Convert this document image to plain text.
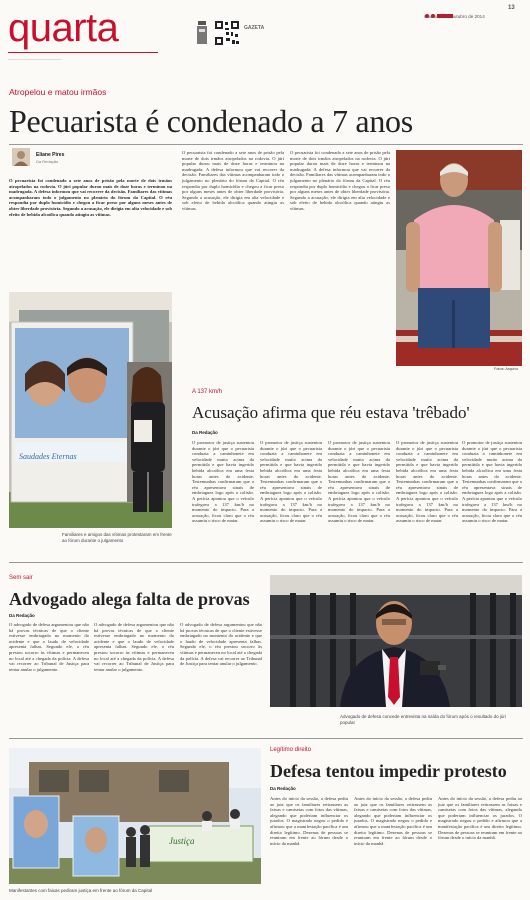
quarta
________________________
GAZETA
13
Cuiabá, 8 de outubro de 2014
Atropelou e matou irmãos
Pecuarista é condenado a 7 anos
Eliane Pires
Da Redação
O pecuarista foi condenado a sete anos de prisão pela morte de dois irmãos atropelados na rodovia. O júri popular durou mais de doze horas e terminou na madrugada. A defesa informou que vai recorrer da decisão. Familiares das vítimas acompanharam todo o julgamento no plenário do fórum da Capital. O réu respondia por duplo homicídio e chegou a ficar preso por alguns meses antes de obter liberdade provisória. Segundo a acusação, ele dirigia em alta velocidade e sob efeito de bebida alcoólica quando atingiu as vítimas.
O pecuarista foi condenado a sete anos de prisão pela morte de dois irmãos atropelados na rodovia. O júri popular durou mais de doze horas e terminou na madrugada. A defesa informou que vai recorrer da decisão. Familiares das vítimas acompanharam todo o julgamento no plenário do fórum da Capital. O réu respondia por duplo homicídio e chegou a ficar preso por alguns meses antes de obter liberdade provisória. Segundo a acusação, ele dirigia em alta velocidade e sob efeito de bebida alcoólica quando atingiu as vítimas.
O pecuarista foi condenado a sete anos de prisão pela morte de dois irmãos atropelados na rodovia. O júri popular durou mais de doze horas e terminou na madrugada. A defesa informou que vai recorrer da decisão. Familiares das vítimas acompanharam todo o julgamento no plenário do fórum da Capital. O réu respondia por duplo homicídio e chegou a ficar preso por alguns meses antes de obter liberdade provisória. Segundo a acusação, ele dirigia em alta velocidade e sob efeito de bebida alcoólica quando atingiu as vítimas.
Fotos: Arquivo
Saudades Eternas
Familiares e amigos das vítimas protestaram em frente ao fórum durante o julgamento
A 137 km/h
Acusação afirma que réu estava 'trêbado'
Da Redação
O promotor de justiça sustentou durante o júri que o pecuarista conduzia a caminhonete em velocidade muito acima da permitida e que havia ingerido bebida alcoólica em uma festa horas antes do acidente. Testemunhas confirmaram que o réu apresentava sinais de embriaguez logo após a colisão. A perícia apontou que o veículo trafegava a 137 km/h no momento do impacto. Para a acusação, ficou claro que o réu assumiu o risco de matar.
O promotor de justiça sustentou durante o júri que o pecuarista conduzia a caminhonete em velocidade muito acima da permitida e que havia ingerido bebida alcoólica em uma festa horas antes do acidente. Testemunhas confirmaram que o réu apresentava sinais de embriaguez logo após a colisão. A perícia apontou que o veículo trafegava a 137 km/h no momento do impacto. Para a acusação, ficou claro que o réu assumiu o risco de matar.
O promotor de justiça sustentou durante o júri que o pecuarista conduzia a caminhonete em velocidade muito acima da permitida e que havia ingerido bebida alcoólica em uma festa horas antes do acidente. Testemunhas confirmaram que o réu apresentava sinais de embriaguez logo após a colisão. A perícia apontou que o veículo trafegava a 137 km/h no momento do impacto. Para a acusação, ficou claro que o réu assumiu o risco de matar.
O promotor de justiça sustentou durante o júri que o pecuarista conduzia a caminhonete em velocidade muito acima da permitida e que havia ingerido bebida alcoólica em uma festa horas antes do acidente. Testemunhas confirmaram que o réu apresentava sinais de embriaguez logo após a colisão. A perícia apontou que o veículo trafegava a 137 km/h no momento do impacto. Para a acusação, ficou claro que o réu assumiu o risco de matar.
O promotor de justiça sustentou durante o júri que o pecuarista conduzia a caminhonete em velocidade muito acima da permitida e que havia ingerido bebida alcoólica em uma festa horas antes do acidente. Testemunhas confirmaram que o réu apresentava sinais de embriaguez logo após a colisão. A perícia apontou que o veículo trafegava a 137 km/h no momento do impacto. Para a acusação, ficou claro que o réu assumiu o risco de matar.
Sem sair
Advogado alega falta de provas
Da Redação
O advogado de defesa argumentou que não há provas técnicas de que o cliente estivesse embriagado no momento do acidente e que o laudo de velocidade apresenta falhas. Segundo ele, o réu prestou socorro às vítimas e permaneceu no local até a chegada da polícia. A defesa vai recorrer ao Tribunal de Justiça para tentar anular o julgamento.
O advogado de defesa argumentou que não há provas técnicas de que o cliente estivesse embriagado no momento do acidente e que o laudo de velocidade apresenta falhas. Segundo ele, o réu prestou socorro às vítimas e permaneceu no local até a chegada da polícia. A defesa vai recorrer ao Tribunal de Justiça para tentar anular o julgamento.
O advogado de defesa argumentou que não há provas técnicas de que o cliente estivesse embriagado no momento do acidente e que o laudo de velocidade apresenta falhas. Segundo ele, o réu prestou socorro às vítimas e permaneceu no local até a chegada da polícia. A defesa vai recorrer ao Tribunal de Justiça para tentar anular o julgamento.
Advogado de defesa concede entrevista na saída do fórum após o resultado do júri popular
Justiça
Manifestantes com faixas pediram justiça em frente ao fórum da Capital
Legítimo direito
Defesa tentou impedir protesto
Da Redação
Antes do início da sessão, a defesa pediu ao juiz que os familiares retirassem as faixas e camisetas com fotos das vítimas, alegando que poderiam influenciar os jurados. O magistrado negou o pedido e afirmou que a manifestação pacífica é um direito legítimo. Dezenas de pessoas se reuniram em frente ao fórum desde o início da manhã.
Antes do início da sessão, a defesa pediu ao juiz que os familiares retirassem as faixas e camisetas com fotos das vítimas, alegando que poderiam influenciar os jurados. O magistrado negou o pedido e afirmou que a manifestação pacífica é um direito legítimo. Dezenas de pessoas se reuniram em frente ao fórum desde o início da manhã.
Antes do início da sessão, a defesa pediu ao juiz que os familiares retirassem as faixas e camisetas com fotos das vítimas, alegando que poderiam influenciar os jurados. O magistrado negou o pedido e afirmou que a manifestação pacífica é um direito legítimo. Dezenas de pessoas se reuniram em frente ao fórum desde o início da manhã.
